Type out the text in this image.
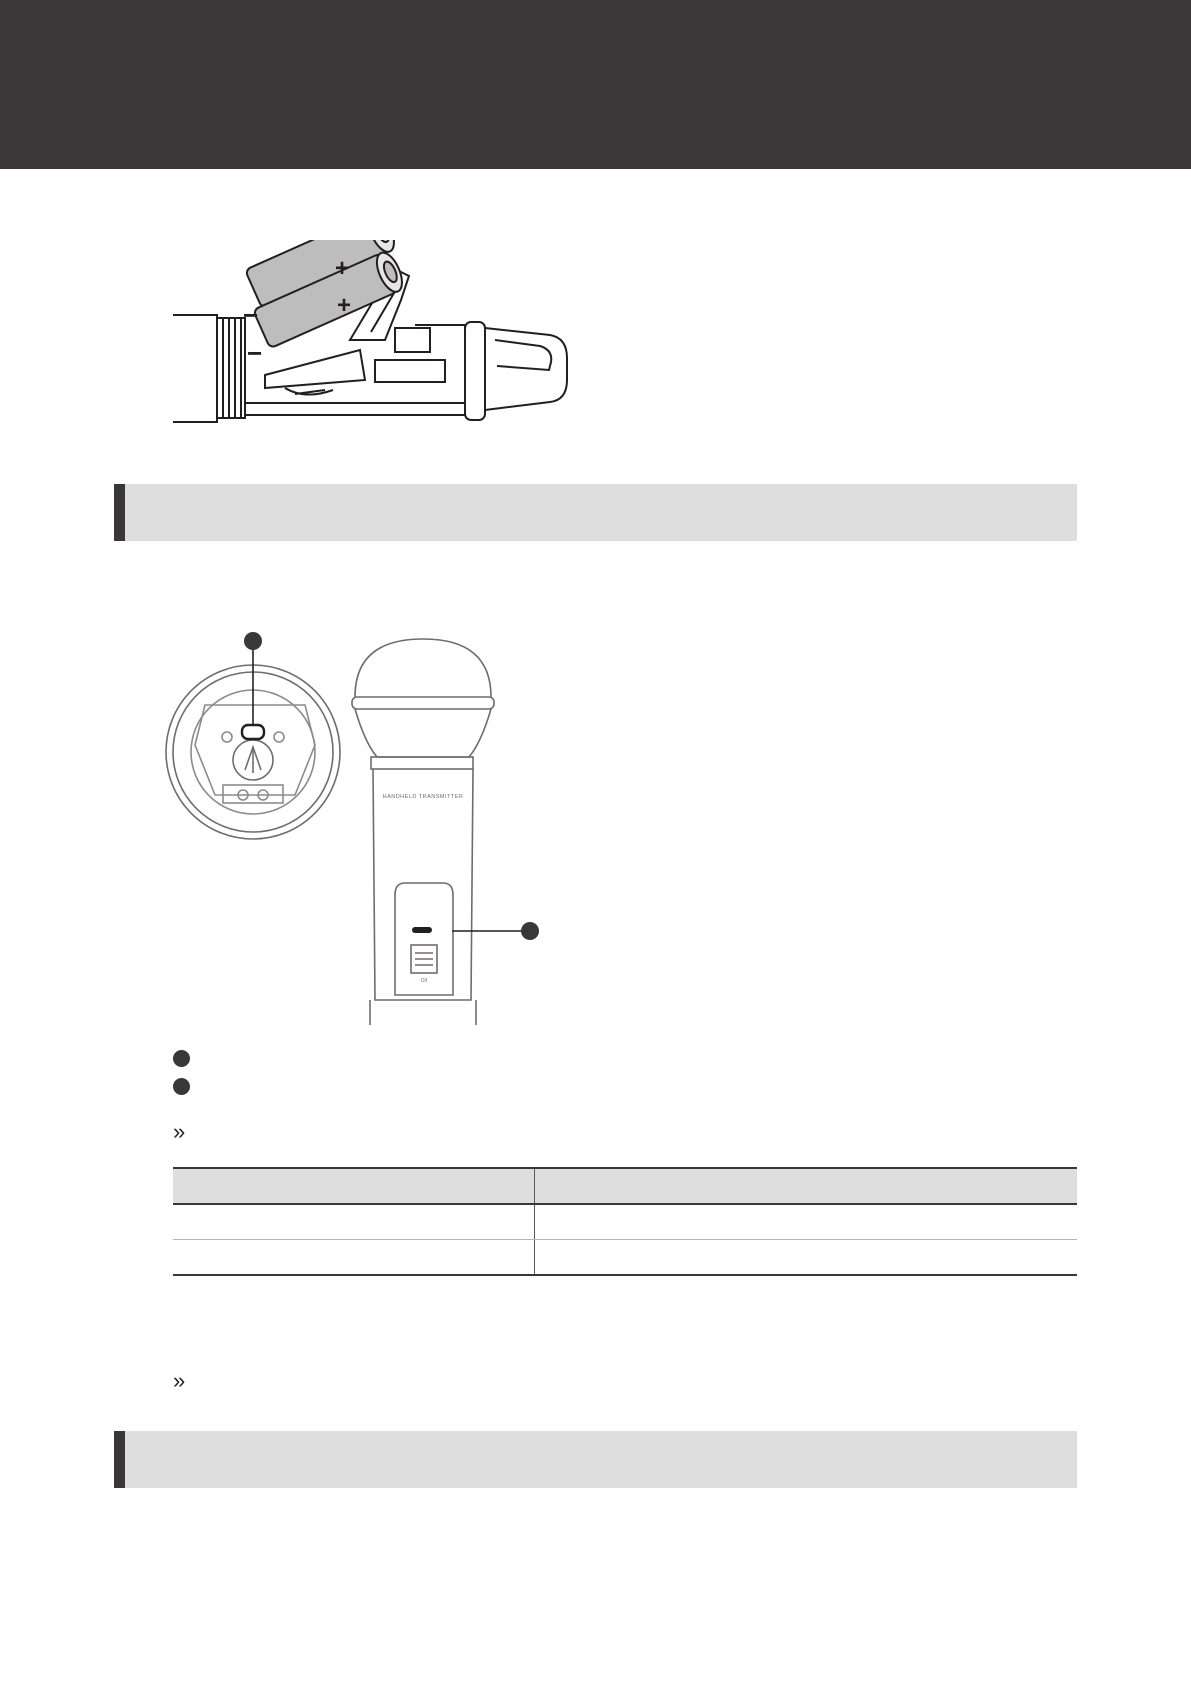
+
+
−
−
HANDHELD TRANSMITTER
O/I
»

»
